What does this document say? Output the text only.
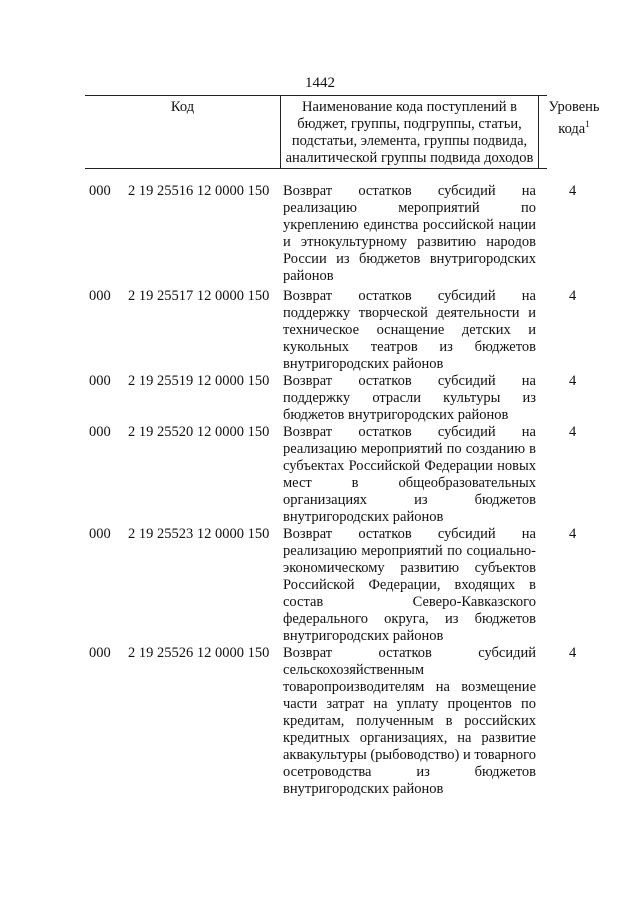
1442
Код	Наименование кода поступлений в бюджет, группы, подгруппы, статьи, подстатьи, элемента, группы подвида, аналитической группы подвида доходов
Уровень кода$^1$
000 2 19 25516 12 0000 150 Возврат остатков субсидий на реализацию мероприятий по укреплению единства российской нации и этнокультурному развитию народов России из бюджетов внутригородских районов
4
000 2 19 25517 12 0000 150 Возврат остатков субсидий на поддержку творческой деятельности и техническое оснащение детских и кукольных театров из бюджетов внутригородских районов
4
000 2 19 25519 12 0000 150 Возврат остатков субсидий на поддержку отрасли культуры из бюджетов внутригородских районов
4
000 2 19 25520 12 0000 150 Возврат остатков субсидий на реализацию мероприятий по созданию в субъектах Российской Федерации новых мест в общеобразовательных организациях из бюджетов внутригородских районов
4
000 2 19 25523 12 0000 150 Возврат остатков субсидий на реализацию мероприятий по социально-экономическому развитию субъектов Российской Федерации, входящих в состав Северо-Кавказского федерального округа, из бюджетов внутригородских районов
4
000 2 19 25526 12 0000 150 Возврат остатков субсидий сельскохозяйственным товаропроизводителям на возмещение части затрат на уплату процентов по кредитам, полученным в российских кредитных организациях, на развитие аквакультуры (рыбоводство) и товарного осетроводства из бюджетов внутригородских районов
4
